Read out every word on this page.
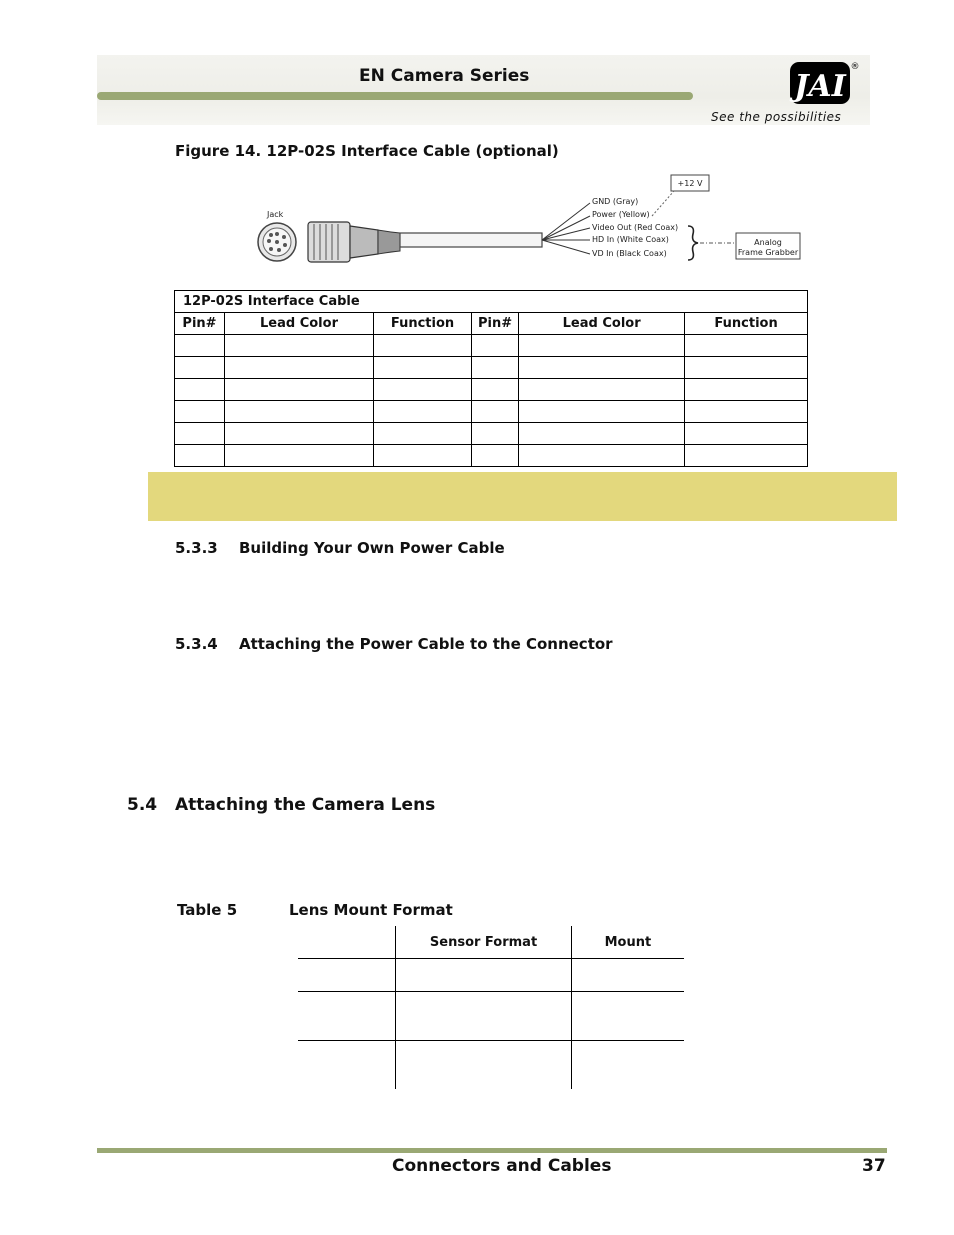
EN Camera Series	JAI
®
See the possibilities
Figure 14. 12P-02S Interface Cable (optional)
Jack
+12 V
GND (Gray)
Power (Yellow)
Video Out (Red Coax)
HD In (White Coax)
VD In (Black Coax)
Analog
Frame Grabber
12P-02S Interface Cable					
Pin#	Lead Color	Function	Pin#	Lead Color	Function

5.3.3 Building Your Own Power Cable
5.3.4 Attaching the Power Cable to the Connector
5.4 Attaching the Camera Lens
Table 5	Lens Mount Format
	Sensor Format	Mount

Connectors and Cables	37
